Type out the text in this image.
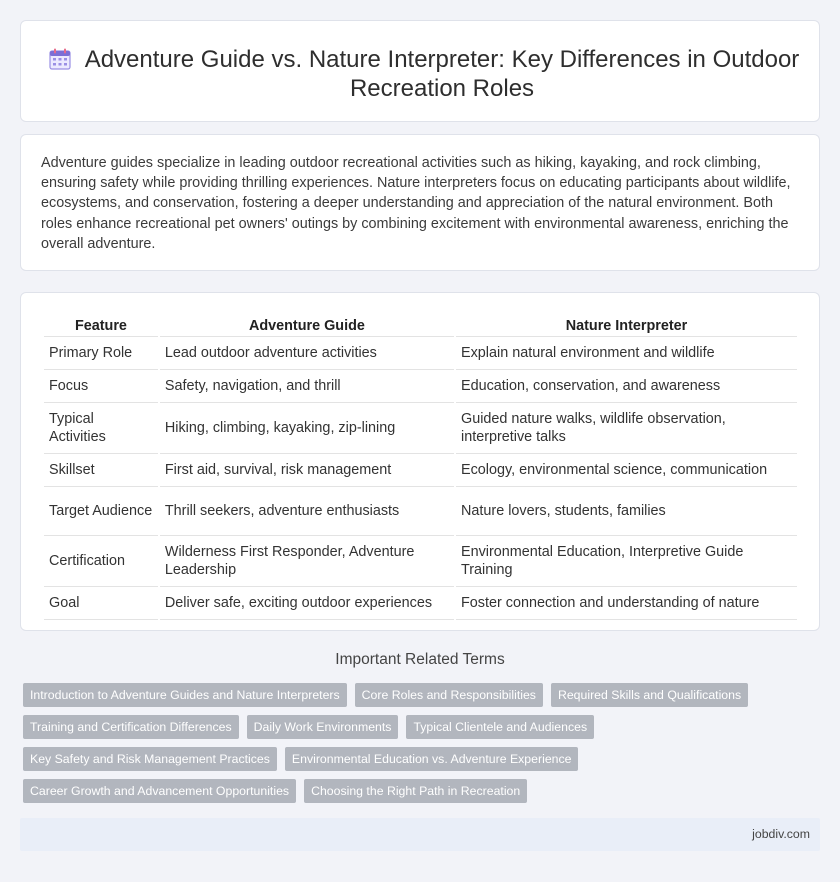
Adventure Guide vs. Nature Interpreter: Key Differences in Outdoor Recreation Roles

Adventure guides specialize in leading outdoor recreational activities such as hiking, kayaking, and rock climbing, ensuring safety while providing thrilling experiences. Nature interpreters focus on educating participants about wildlife, ecosystems, and conservation, fostering a deeper understanding and appreciation of the natural environment. Both roles enhance recreational pet owners' outings by combining excitement with environmental awareness, enriching the overall adventure.

Feature	Adventure Guide	Nature Interpreter
Primary Role	Lead outdoor adventure activities	Explain natural environment and wildlife
Focus	Safety, navigation, and thrill	Education, conservation, and awareness
Typical Activities	Hiking, climbing, kayaking, zip-lining	Guided nature walks, wildlife observation, interpretive talks
Skillset	First aid, survival, risk management	Ecology, environmental science, communication
Target Audience	Thrill seekers, adventure enthusiasts	Nature lovers, students, families
Certification	Wilderness First Responder, Adventure Leadership	Environmental Education, Interpretive Guide Training
Goal	Deliver safe, exciting outdoor experiences	Foster connection and understanding of nature
Important Related Terms
Introduction to Adventure Guides and Nature Interpreters	Core Roles and Responsibilities	Required Skills and Qualifications
Training and Certification Differences	Daily Work Environments	Typical Clientele and Audiences
Key Safety and Risk Management Practices	Environmental Education vs. Adventure Experience
Career Growth and Advancement Opportunities	Choosing the Right Path in Recreation
jobdiv.com
